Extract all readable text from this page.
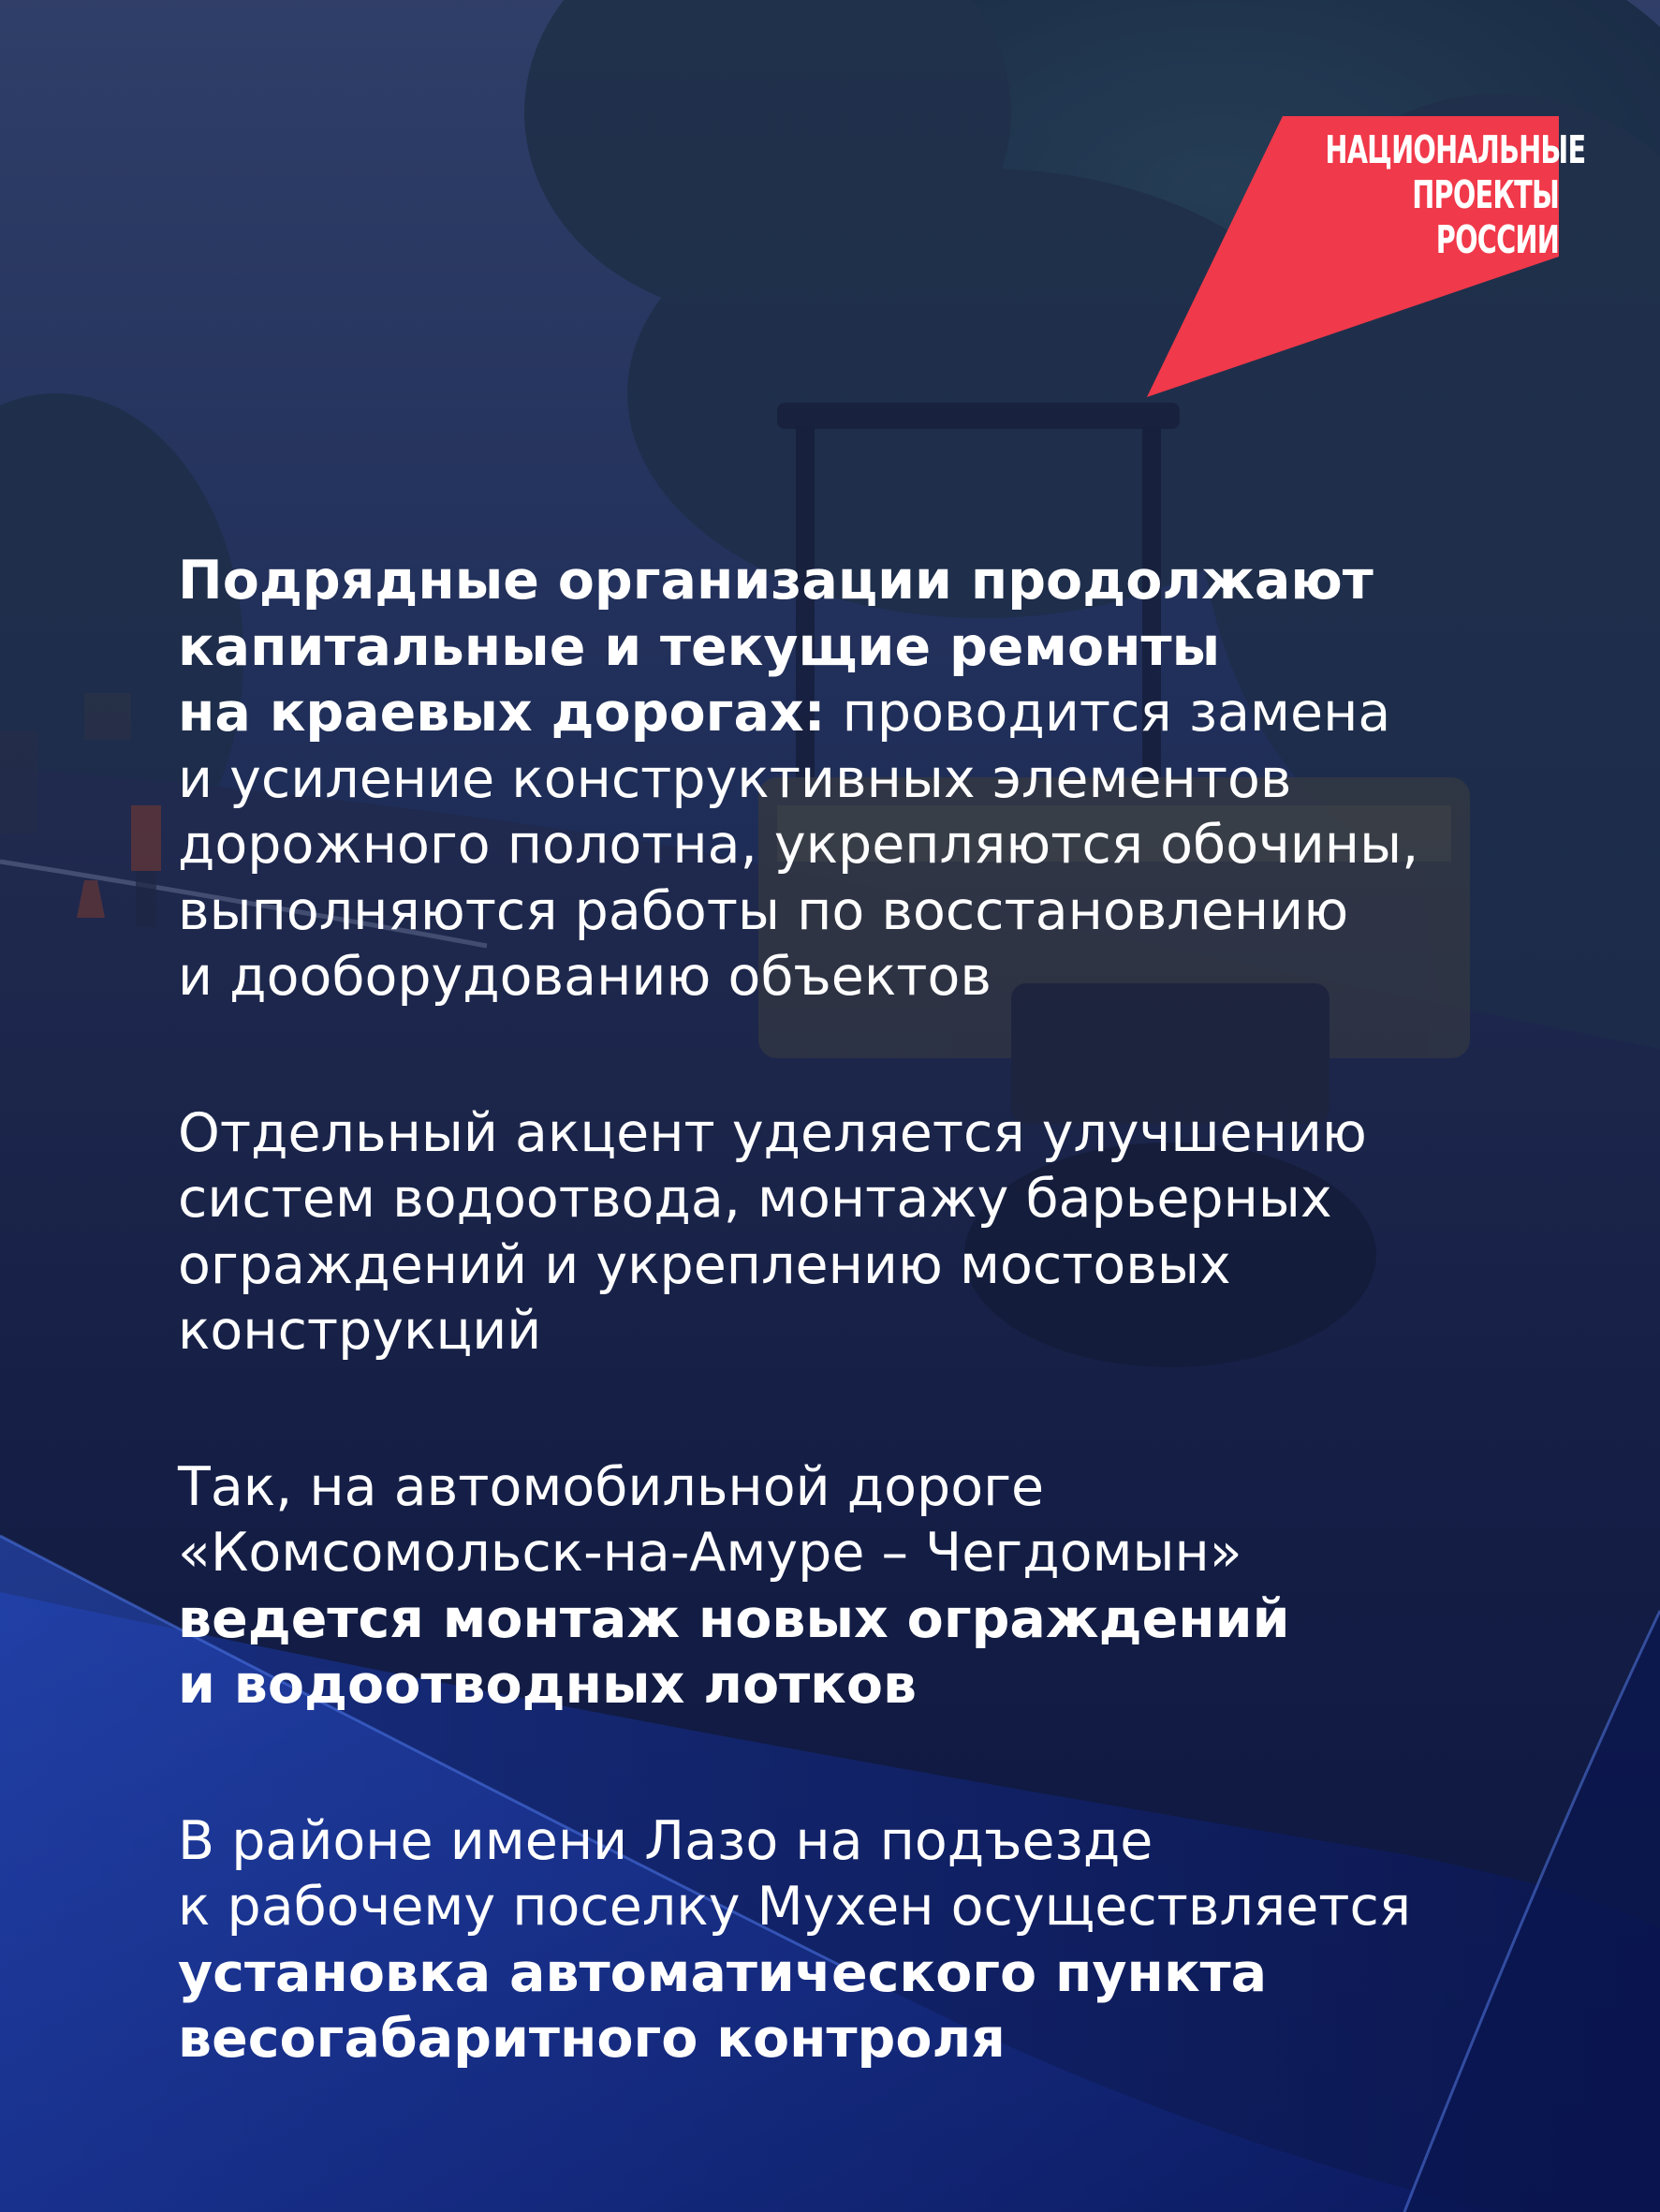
НАЦИОНАЛЬНЫЕ
ПРОЕКТЫ
РОССИИ

Подрядные организации продолжают
капитальные и текущие ремонты
на краевых дорогах: проводится замена
и усиление конструктивных элементов
дорожного полотна, укрепляются обочины,
выполняются работы по восстановлению
и дооборудованию объектов

Отдельный акцент уделяется улучшению
систем водоотвода, монтажу барьерных
ограждений и укреплению мостовых
конструкций

Так, на автомобильной дороге
«Комсомольск-на-Амуре – Чегдомын»
ведется монтаж новых ограждений
и водоотводных лотков

В районе имени Лазо на подъезде
к рабочему поселку Мухен осуществляется
установка автоматического пункта
весогабаритного контроля
